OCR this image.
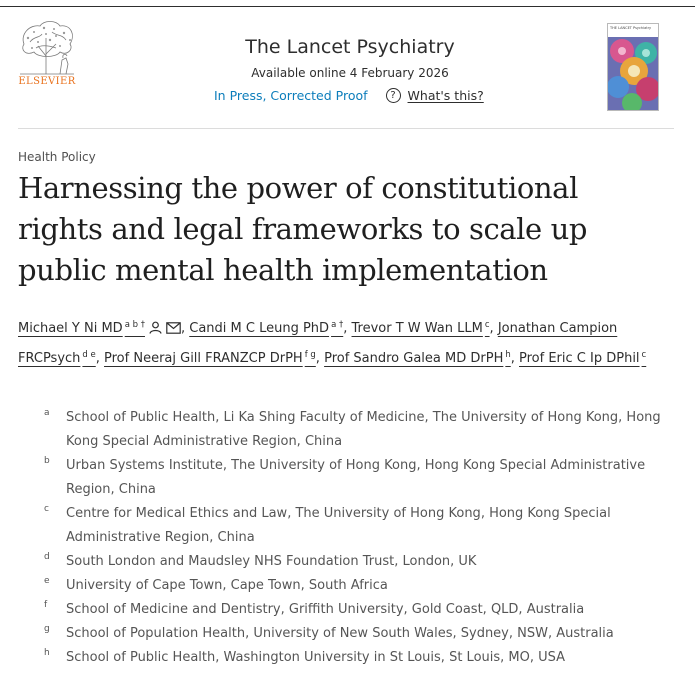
ELSEVIER
The Lancet Psychiatry
Available online 4 February 2026
In Press, Corrected Proof	? What's this?
THE LANCET Psychiatry
Health Policy
Harnessing the power of constitutional rights and legal frameworks to scale up public mental health implementation
Michael Y Ni MD $^{a b \dagger}$	, Candi M C Leung PhD $^{a \dagger}$, Trevor T W Wan LLM $^c$, Jonathan Campion FRCPsych $^{d e}$, Prof Neeraj Gill FRANZCP DrPH $^{f g}$, Prof Sandro Galea MD DrPH $^h$, Prof Eric C Ip DPhil $^c$
a	School of Public Health, Li Ka Shing Faculty of Medicine, The University of Hong Kong, Hong Kong Special Administrative Region, China
b	Urban Systems Institute, The University of Hong Kong, Hong Kong Special Administrative Region, China
c	Centre for Medical Ethics and Law, The University of Hong Kong, Hong Kong Special Administrative Region, China
d	South London and Maudsley NHS Foundation Trust, London, UK
e	University of Cape Town, Cape Town, South Africa
f	School of Medicine and Dentistry, Griffith University, Gold Coast, QLD, Australia
g	School of Population Health, University of New South Wales, Sydney, NSW, Australia
h	School of Public Health, Washington University in St Louis, St Louis, MO, USA
